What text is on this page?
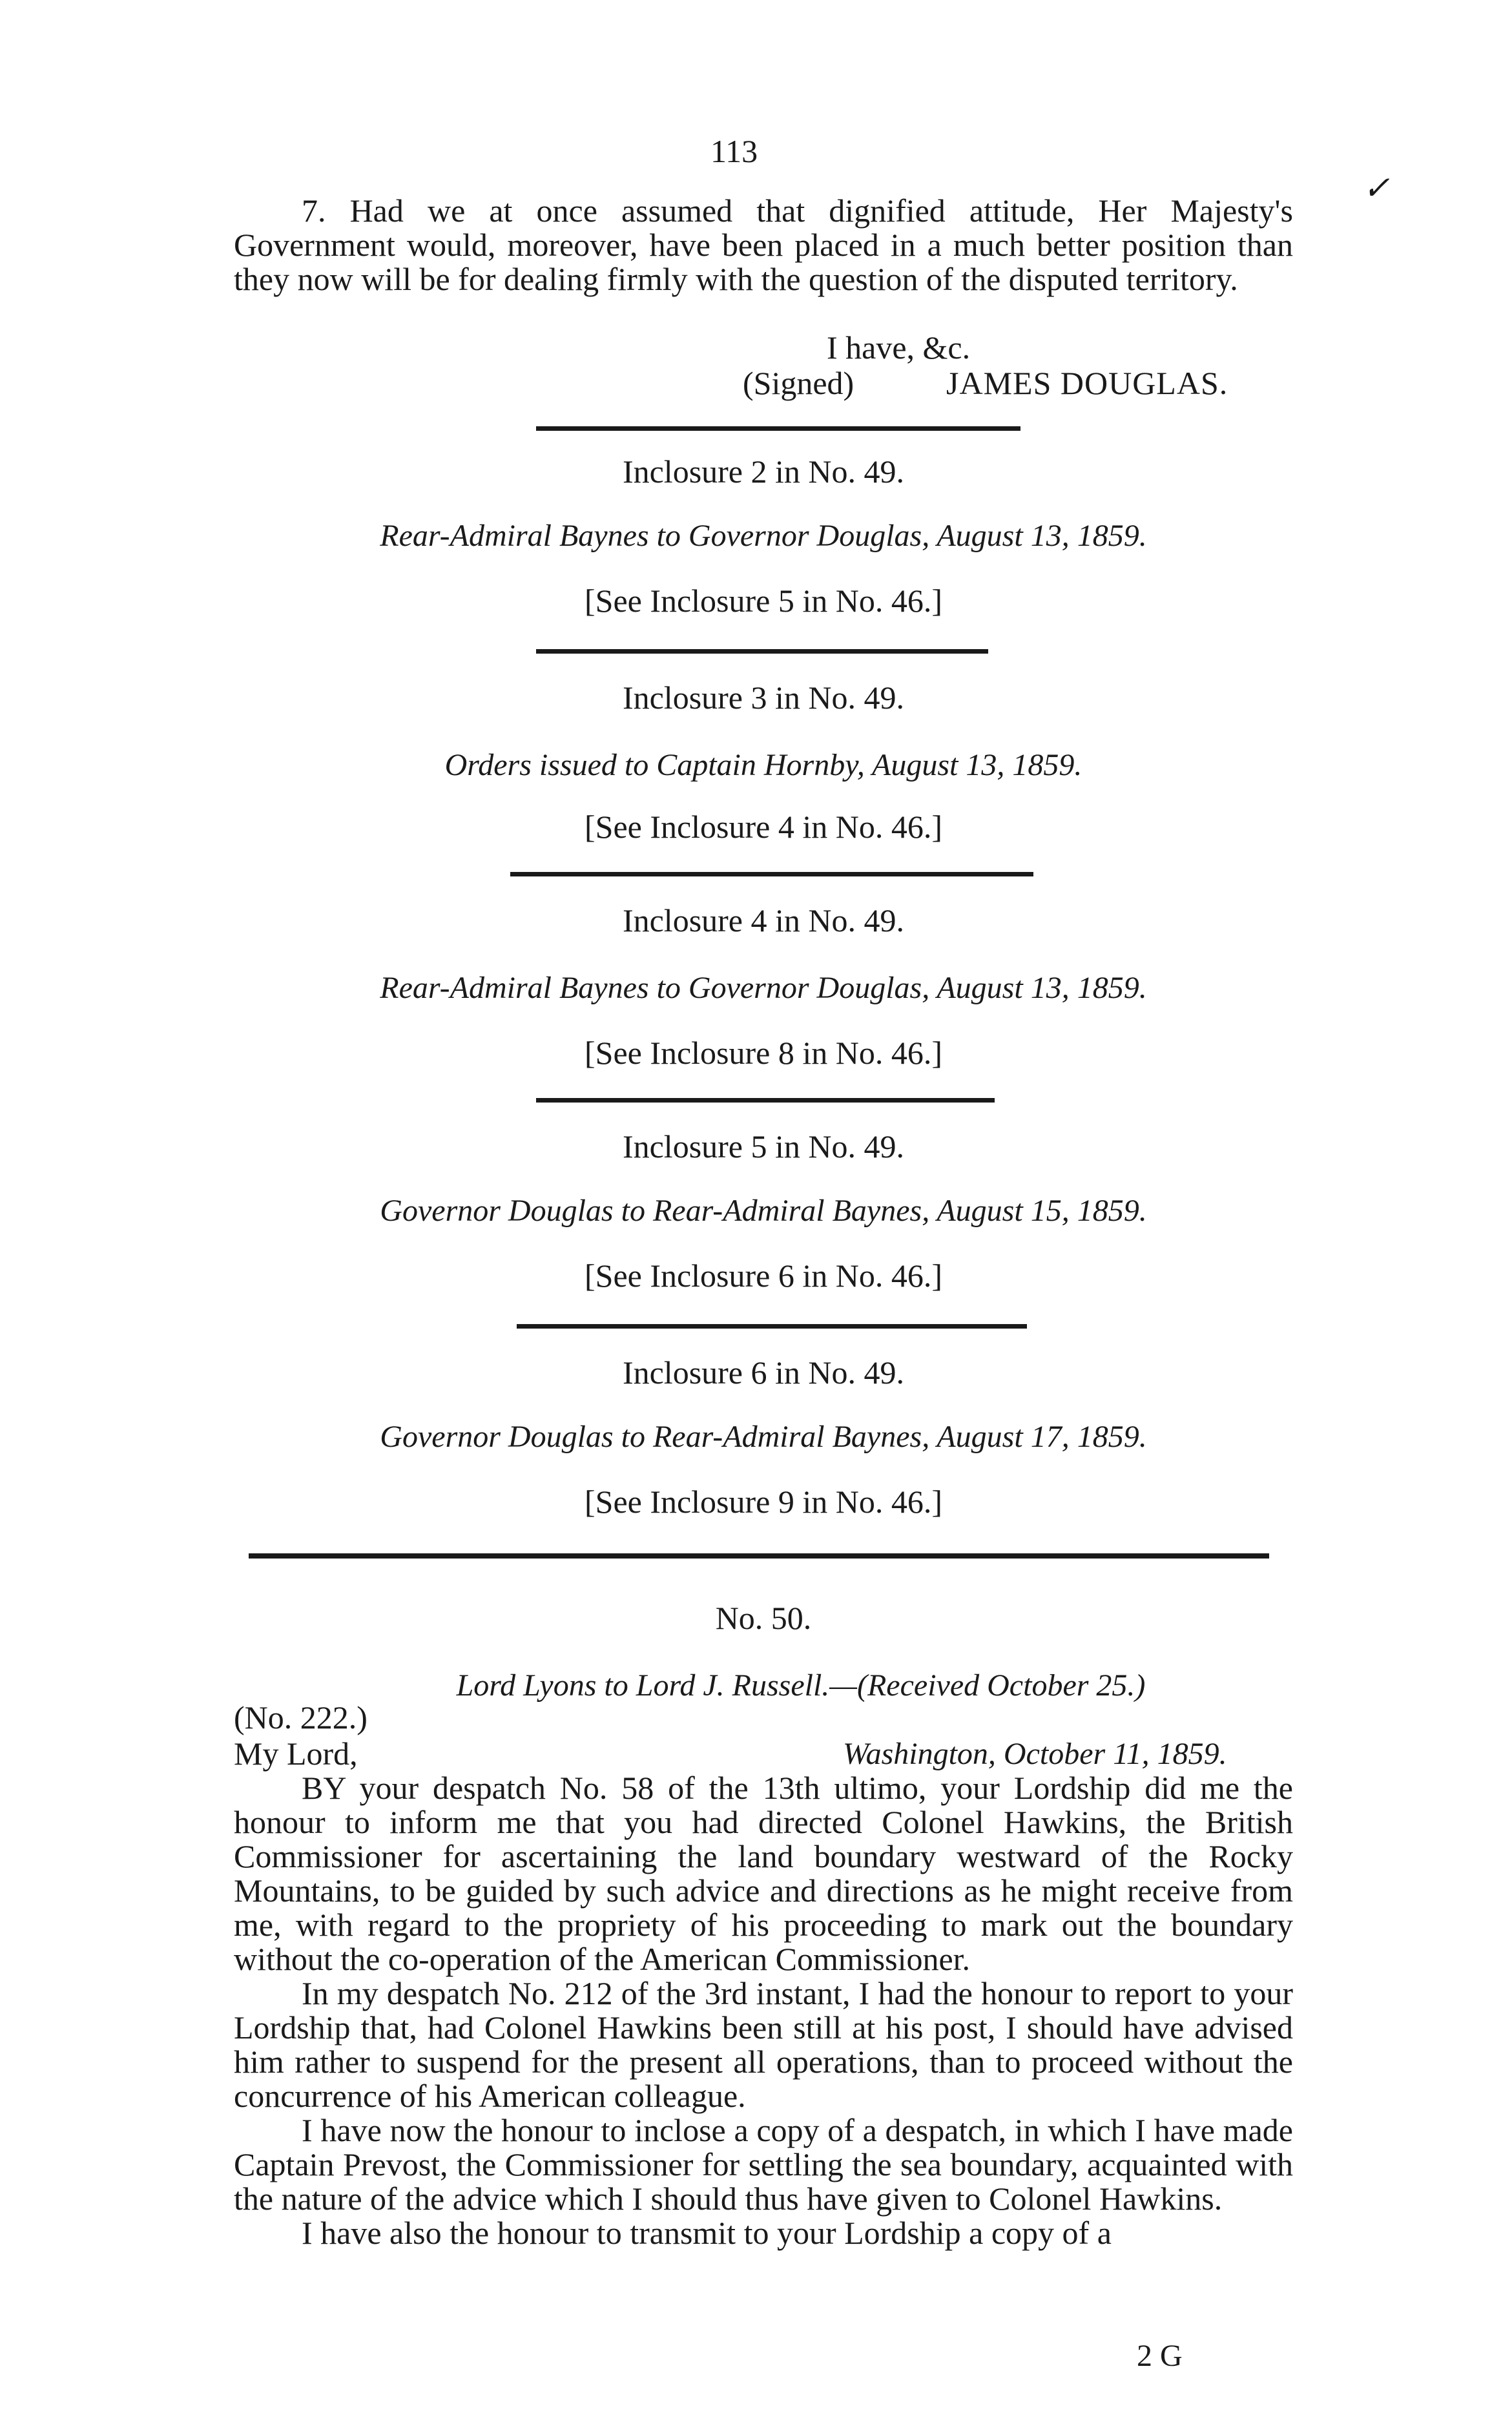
113
✓

7. Had we at once assumed that dignified attitude, Her Majesty's Government would, moreover, have been placed in a much better position than they now will be for dealing firmly with the question of the disputed territory.

I have, &c.
(Signed)	JAMES DOUGLAS.
Inclosure 2 in No. 49.
Rear-Admiral Baynes to Governor Douglas, August 13, 1859.
[See Inclosure 5 in No. 46.]
Inclosure 3 in No. 49.
Orders issued to Captain Hornby, August 13, 1859.
[See Inclosure 4 in No. 46.]
Inclosure 4 in No. 49.
Rear-Admiral Baynes to Governor Douglas, August 13, 1859.
[See Inclosure 8 in No. 46.]
Inclosure 5 in No. 49.
Governor Douglas to Rear-Admiral Baynes, August 15, 1859.
[See Inclosure 6 in No. 46.]
Inclosure 6 in No. 49.
Governor Douglas to Rear-Admiral Baynes, August 17, 1859.
[See Inclosure 9 in No. 46.]
No. 50.
Lord Lyons to Lord J. Russell.—(Received October 25.)
(No. 222.)
My Lord,	Washington, October 11, 1859.

BY your despatch No. 58 of the 13th ultimo, your Lordship did me the honour to inform me that you had directed Colonel Hawkins, the British Commissioner for ascertaining the land boundary westward of the Rocky Mountains, to be guided by such advice and directions as he might receive from me, with regard to the propriety of his proceeding to mark out the boundary without the co-operation of the American Commissioner.

In my despatch No. 212 of the 3rd instant, I had the honour to report to your Lordship that, had Colonel Hawkins been still at his post, I should have advised him rather to suspend for the present all operations, than to proceed without the concurrence of his American colleague.

I have now the honour to inclose a copy of a despatch, in which I have made Captain Prevost, the Commissioner for settling the sea boundary, acquainted with the nature of the advice which I should thus have given to Colonel Hawkins.

I have also the honour to transmit to your Lordship a copy of a

2 G
